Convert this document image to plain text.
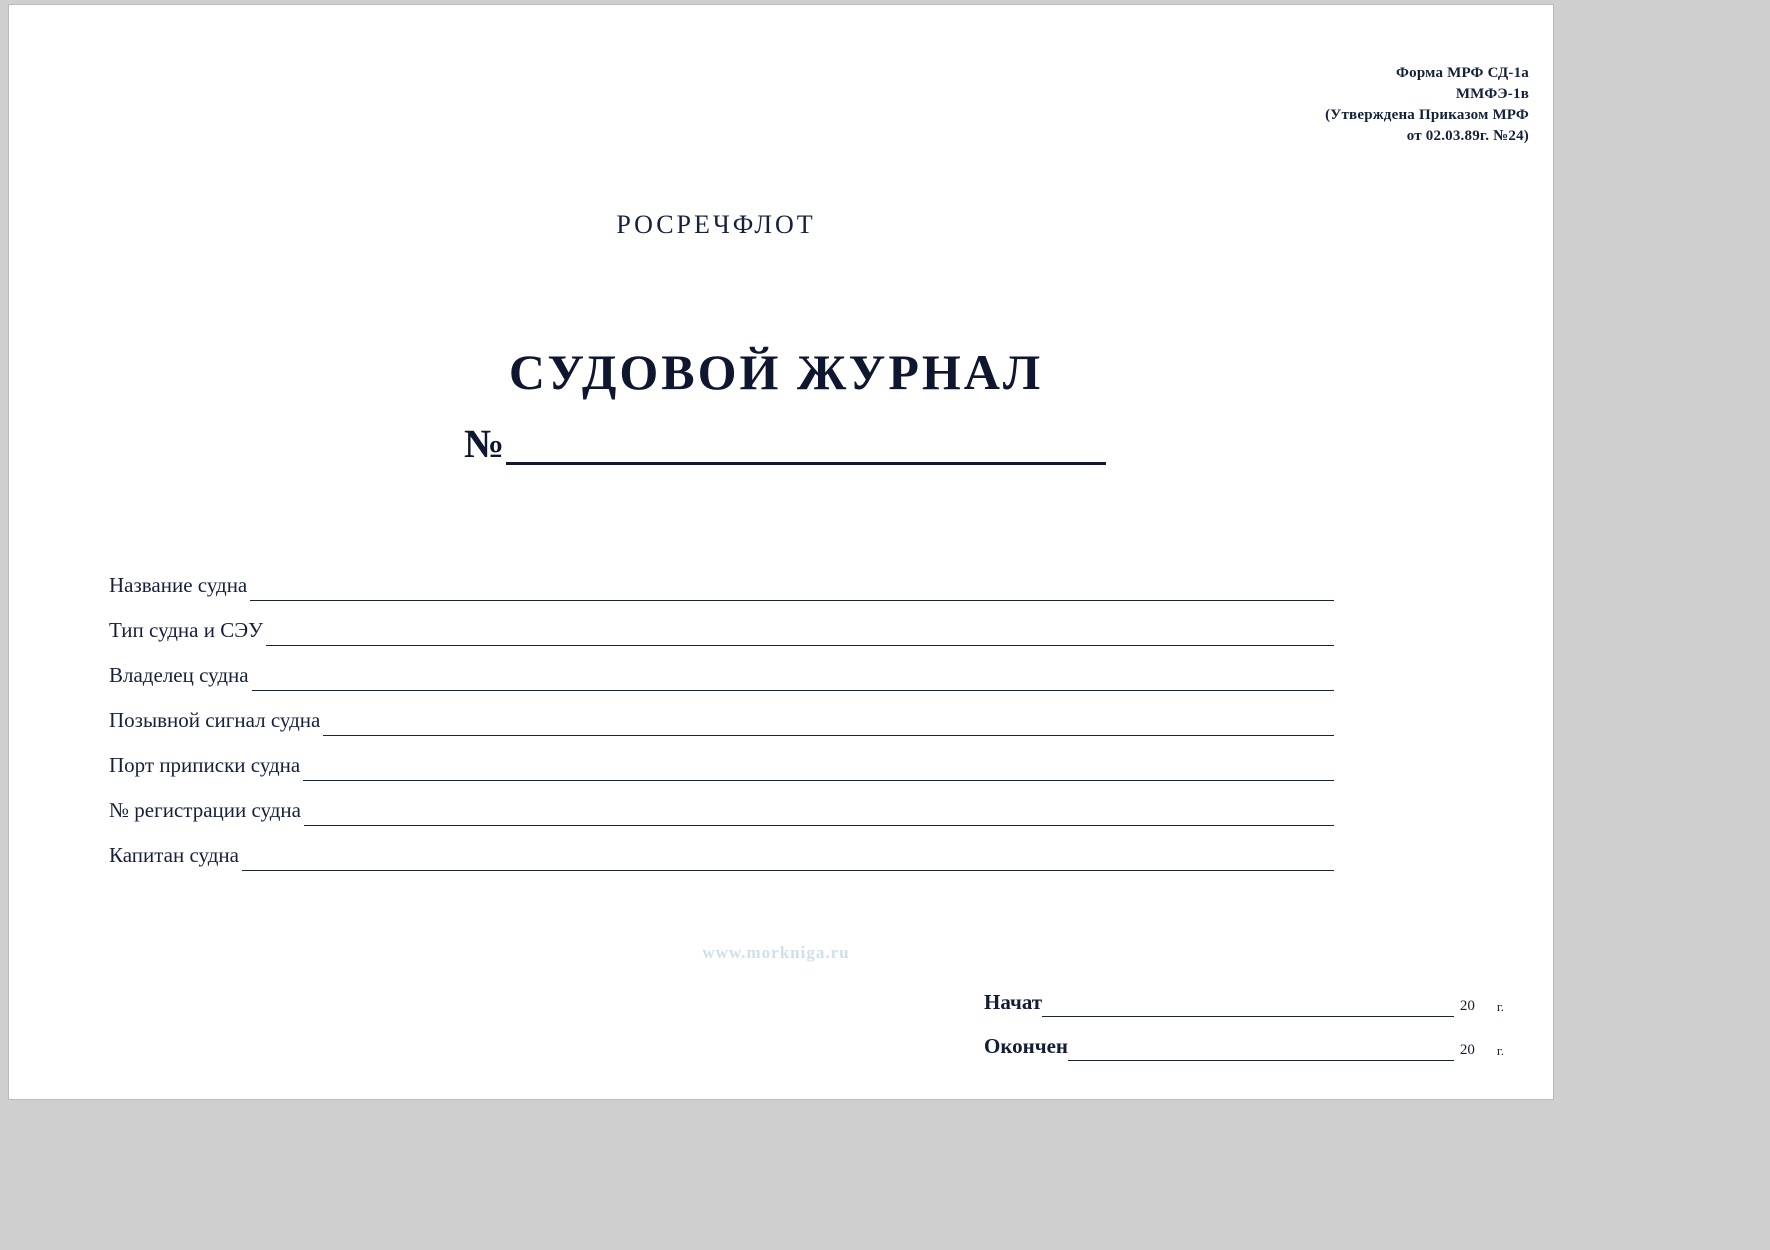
Форма МРФ СД-1а
ММФЭ-1в
(Утверждена Приказом МРФ
от 02.03.89г. №24)
РОСРЕЧФЛОТ
СУДОВОЙ ЖУРНАЛ
№
Название судна
Тип судна и СЭУ
Владелец судна
Позывной сигнал судна
Порт приписки судна
№ регистрации судна
Капитан судна
www.morkniga.ru
Начат	20	г.
Окончен	20	г.
